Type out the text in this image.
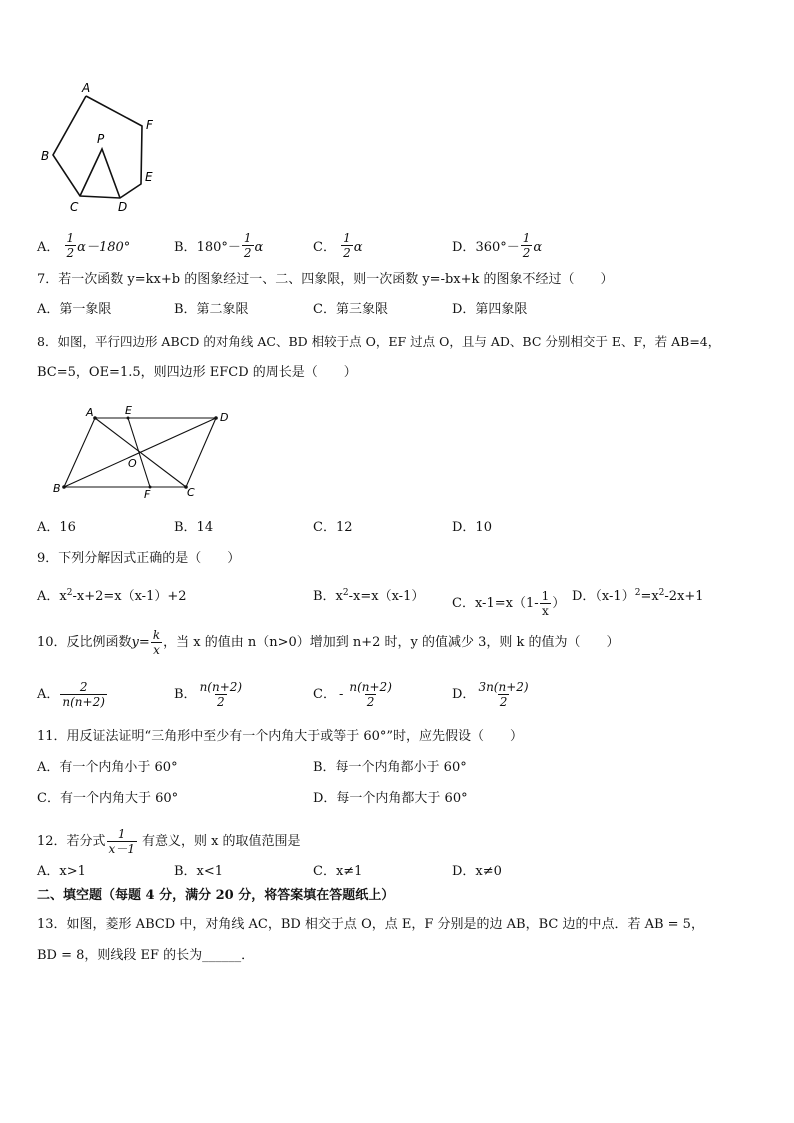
A
F
P
B
E
C	D
A	E
D
O
B	F	C
A． $\frac{1}{2} \alpha-180^\circ$	B．$180^\circ- \frac{1}{2}$ α	C． $\frac{1}{2}$ α	D．$360^\circ- \frac{1}{2}$ α
7．若一次函数 y=kx+b 的图象经过一、二、四象限，则一次函数 y=-bx+k 的图象不经过（　　）
A．第一象限	B．第二象限	C．第三象限	D．第四象限
8．如图，平行四边形 ABCD 的对角线 AC、BD 相较于点 O，EF 过点 O，且与 AD、BC 分别相交于 E、F，若 AB=4，
BC=5，OE=1.5，则四边形 EFCD 的周长是（　　）
A．16	B．14	C．12	D．10
9．下列分解因式正确的是（　　）
A．$x^2-x+2=x(x-1)+2$	B．$x^2-x=x(x-1)$ C．$x-1=x(1- \frac{1}{x}$ ） D．$(x-1)^2=x^2-2x+1$
10．反比例函数$y= \frac{k}{x}$ ，当 x 的值由 n（n>0）增加到 n+2 时，y 的值减少 3，则 k 的值为（　　）
A． $\frac{2}{n(n+2)}$	B． $\frac{n(n+2)}{2}$	C． - $\frac{n(n+2)}{2}$	D． $\frac{3n(n+2)}{2}$
11．用反证法证明“三角形中至少有一个内角大于或等于 60°”时，应先假设（　　）
A．有一个内角小于 60°	B．每一个内角都小于 60°
C．有一个内角大于 60°	D．每一个内角都大于 60°
12．若分式 $\frac{1}{x-1}$ 有意义，则 x 的取值范围是
A．x>1	B．x<1	C．x≠1	D．x≠0
二、填空题（每题 4 分，满分 20 分，将答案填在答题纸上）
13．如图，菱形 ABCD 中，对角线 AC，BD 相交于点 O，点 E，F 分别是的边 AB，BC 边的中点．若 AB = 5，
BD = 8，则线段 EF 的长为______．
